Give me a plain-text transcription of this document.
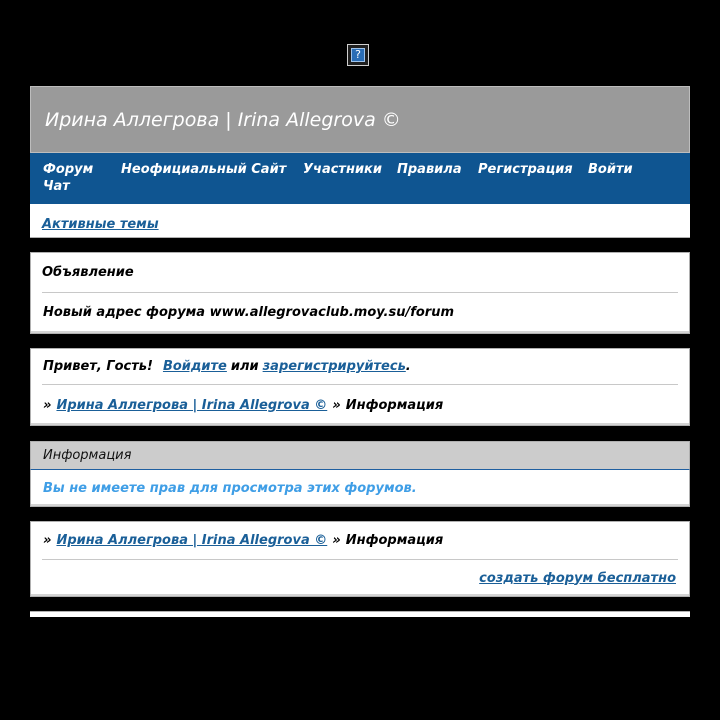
?
Ирина Аллегрова | Irina Allegrova ©
Форум Неофициальный Сайт Участники Правила Регистрация Войти
Чат
Активные темы
Объявление
Новый адрес форума www.allegrovaclub.moy.su/forum
Привет, Гость! Войдите или зарегистрируйтесь .
» Ирина Аллегрова | Irina Allegrova © » Информация
Информация
Вы не имеете прав для просмотра этих форумов.
» Ирина Аллегрова | Irina Allegrova © » Информация
создать форум бесплатно
